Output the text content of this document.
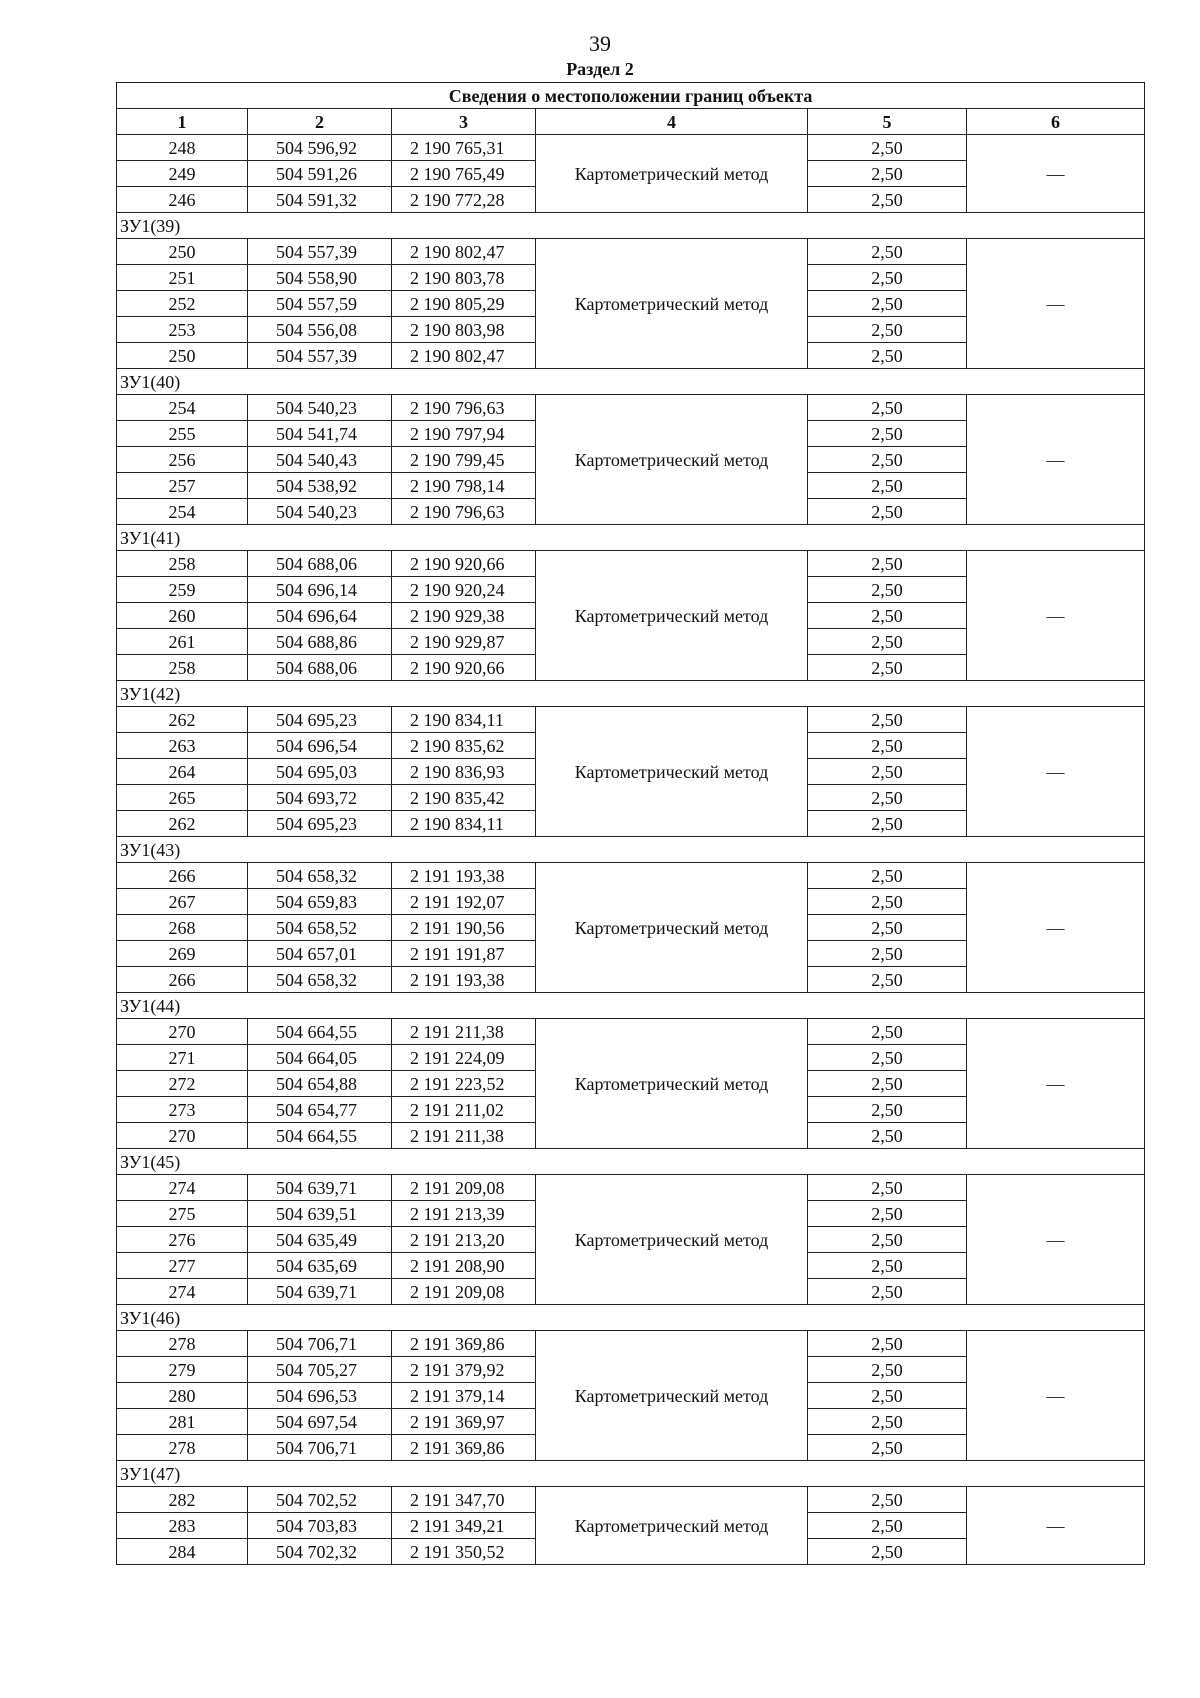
39
Раздел 2
Сведения о местоположении границ объекта					
1	2	3	4	5	6
248	504 596,92	2 190 765,31	Картометрический метод	2,50	—
249	504 591,26	2 190 765,49		2,50	
246	504 591,32	2 190 772,28		2,50	
ЗУ1(39)					
250	504 557,39	2 190 802,47	Картометрический метод	2,50	—
251	504 558,90	2 190 803,78		2,50	
252	504 557,59	2 190 805,29		2,50	
253	504 556,08	2 190 803,98		2,50	
250	504 557,39	2 190 802,47		2,50	
ЗУ1(40)					
254	504 540,23	2 190 796,63	Картометрический метод	2,50	—
255	504 541,74	2 190 797,94		2,50	
256	504 540,43	2 190 799,45		2,50	
257	504 538,92	2 190 798,14		2,50	
254	504 540,23	2 190 796,63		2,50	
ЗУ1(41)					
258	504 688,06	2 190 920,66	Картометрический метод	2,50	—
259	504 696,14	2 190 920,24		2,50	
260	504 696,64	2 190 929,38		2,50	
261	504 688,86	2 190 929,87		2,50	
258	504 688,06	2 190 920,66		2,50	
ЗУ1(42)					
262	504 695,23	2 190 834,11	Картометрический метод	2,50	—
263	504 696,54	2 190 835,62		2,50	
264	504 695,03	2 190 836,93		2,50	
265	504 693,72	2 190 835,42		2,50	
262	504 695,23	2 190 834,11		2,50	
ЗУ1(43)					
266	504 658,32	2 191 193,38	Картометрический метод	2,50	—
267	504 659,83	2 191 192,07		2,50	
268	504 658,52	2 191 190,56		2,50	
269	504 657,01	2 191 191,87		2,50	
266	504 658,32	2 191 193,38		2,50	
ЗУ1(44)					
270	504 664,55	2 191 211,38	Картометрический метод	2,50	—
271	504 664,05	2 191 224,09		2,50	
272	504 654,88	2 191 223,52		2,50	
273	504 654,77	2 191 211,02		2,50	
270	504 664,55	2 191 211,38		2,50	
ЗУ1(45)					
274	504 639,71	2 191 209,08	Картометрический метод	2,50	—
275	504 639,51	2 191 213,39		2,50	
276	504 635,49	2 191 213,20		2,50	
277	504 635,69	2 191 208,90		2,50	
274	504 639,71	2 191 209,08		2,50	
ЗУ1(46)					
278	504 706,71	2 191 369,86	Картометрический метод	2,50	—
279	504 705,27	2 191 379,92		2,50	
280	504 696,53	2 191 379,14		2,50	
281	504 697,54	2 191 369,97		2,50	
278	504 706,71	2 191 369,86		2,50	
ЗУ1(47)					
282	504 702,52	2 191 347,70	Картометрический метод	2,50	—
283	504 703,83	2 191 349,21		2,50	
284	504 702,32	2 191 350,52		2,50	
